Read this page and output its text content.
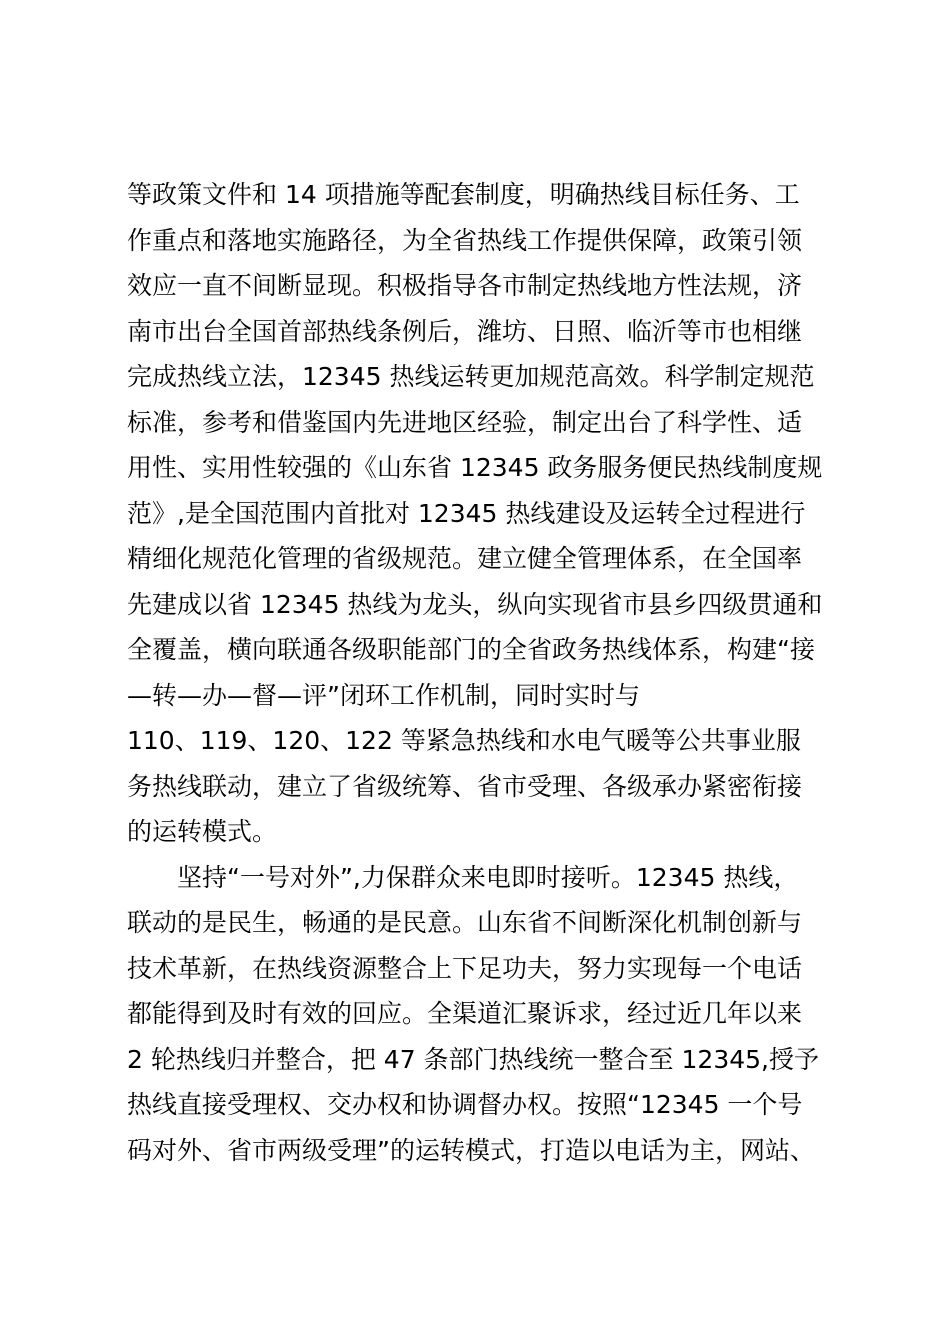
等政策文件和 14 项措施等配套制度，明确热线目标任务、工
作重点和落地实施路径，为全省热线工作提供保障，政策引领
效应一直不间断显现。积极指导各市制定热线地方性法规，济
南市出台全国首部热线条例后，潍坊、日照、临沂等市也相继
完成热线立法，12345 热线运转更加规范高效。科学制定规范
标准，参考和借鉴国内先进地区经验，制定出台了科学性、适
用性、实用性较强的《山东省 12345 政务服务便民热线制度规
范》,是全国范围内首批对 12345 热线建设及运转全过程进行
精细化规范化管理的省级规范。建立健全管理体系，在全国率
先建成以省 12345 热线为龙头，纵向实现省市县乡四级贯通和
全覆盖，横向联通各级职能部门的全省政务热线体系，构建“接
—转—办—督—评”闭环工作机制，同时实时与
110、119、120、122 等紧急热线和水电气暖等公共事业服
务热线联动，建立了省级统筹、省市受理、各级承办紧密衔接
的运转模式。
坚持“一号对外”,力保群众来电即时接听。12345 热线，
联动的是民生，畅通的是民意。山东省不间断深化机制创新与
技术革新，在热线资源整合上下足功夫，努力实现每一个电话
都能得到及时有效的回应。全渠道汇聚诉求，经过近几年以来
2 轮热线归并整合，把 47 条部门热线统一整合至 12345,授予
热线直接受理权、交办权和协调督办权。按照“12345 一个号
码对外、省市两级受理”的运转模式，打造以电话为主，网站、
